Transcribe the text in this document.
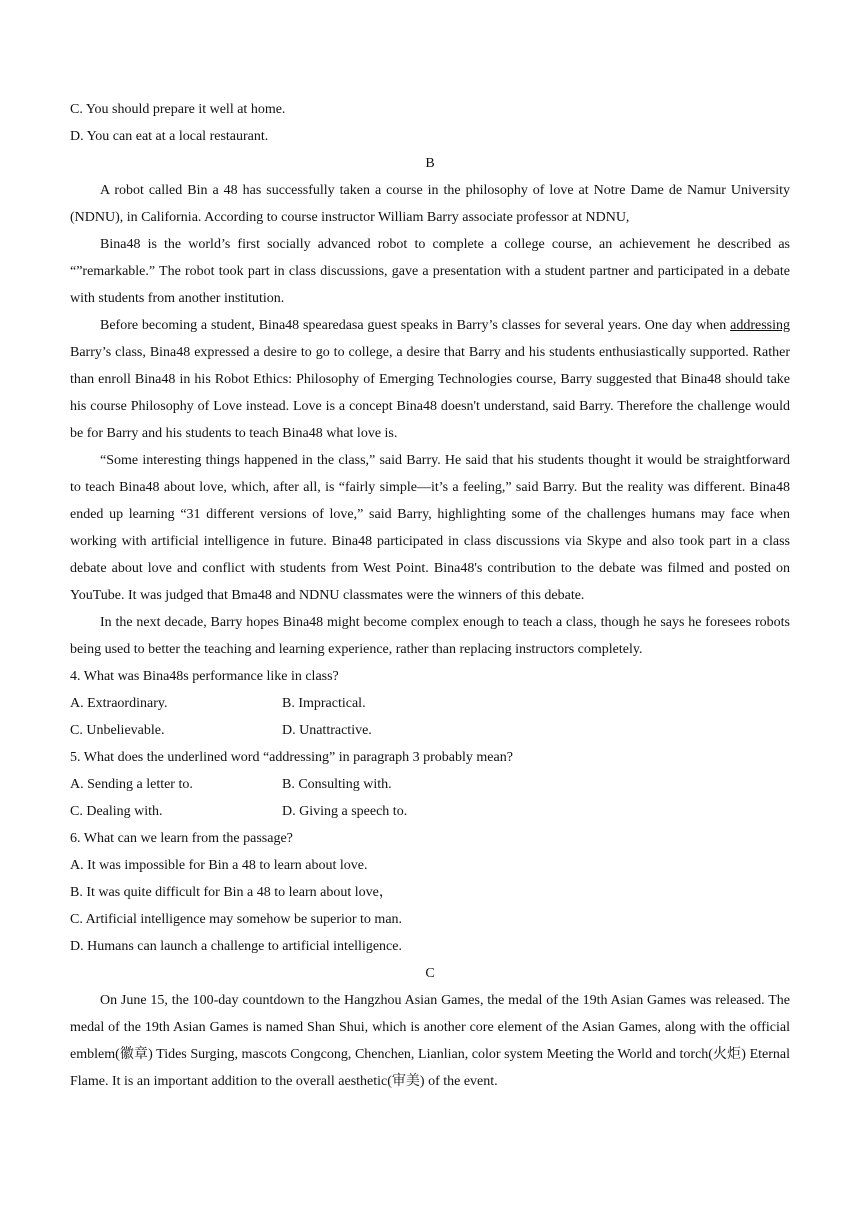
C. You should prepare it well at home.

D. You can eat at a local restaurant.

B

A robot called Bin a 48 has successfully taken a course in the philosophy of love at Notre Dame de Namur University (NDNU), in California. According to course instructor William Barry associate professor at NDNU,

Bina48 is the world’s first socially advanced robot to complete a college course, an achievement he described as “”remarkable.” The robot took part in class discussions, gave a presentation with a student partner and participated in a debate with students from another institution.

Before becoming a student, Bina48 spearedasa guest speaks in Barry’s classes for several years. One day when addressing Barry’s class, Bina48 expressed a desire to go to college, a desire that Barry and his students enthusiastically supported. Rather than enroll Bina48 in his Robot Ethics: Philosophy of Emerging Technologies course, Barry suggested that Bina48 should take his course Philosophy of Love instead. Love is a concept Bina48 doesn't understand, said Barry. Therefore the challenge would be for Barry and his students to teach Bina48 what love is.

“Some interesting things happened in the class,” said Barry. He said that his students thought it would be straightforward to teach Bina48 about love, which, after all, is “fairly simple—it’s a feeling,” said Barry. But the reality was different. Bina48 ended up learning “31 different versions of love,” said Barry, highlighting some of the challenges humans may face when working with artificial intelligence in future. Bina48 participated in class discussions via Skype and also took part in a class debate about love and conflict with students from West Point. Bina48's contribution to the debate was filmed and posted on YouTube. It was judged that Bma48 and NDNU classmates were the winners of this debate.

In the next decade, Barry hopes Bina48 might become complex enough to teach a class, though he says he foresees robots being used to better the teaching and learning experience, rather than replacing instructors completely.

4. What was Bina48s performance like in class?

A. Extraordinary.	B. Impractical.
C. Unbelievable.	D. Unattractive.

5. What does the underlined word “addressing” in paragraph 3 probably mean?

A. Sending a letter to.	B. Consulting with.
C. Dealing with.	D. Giving a speech to.

6. What can we learn from the passage?

A. It was impossible for Bin a 48 to learn about love.

B. It was quite difficult for Bin a 48 to learn about love，

C. Artificial intelligence may somehow be superior to man.

D. Humans can launch a challenge to artificial intelligence.

C

On June 15, the 100-day countdown to the Hangzhou Asian Games, the medal of the 19th Asian Games was released. The medal of the 19th Asian Games is named Shan Shui, which is another core element of the Asian Games, along with the official emblem(徽章) Tides Surging, mascots Congcong, Chenchen, Lianlian, color system Meeting the World and torch(火炬) Eternal Flame. It is an important addition to the overall aesthetic(审美) of the event.
